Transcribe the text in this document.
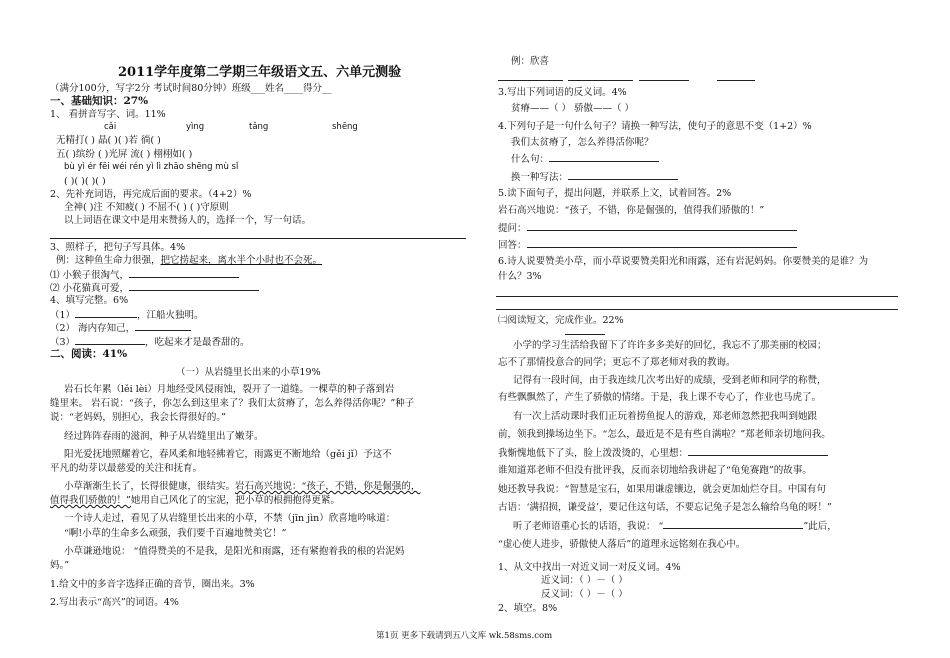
2011学年度第二学期三年级语文五、六单元测验
（满分100分，写字2分 考试时间80分钟）班级___姓名____得分__
一、基础知识：27%
1、 看拼音写字、词。11%
cǎi	yìng	tǎng	shēng
无精打( ) 晶( )( )若 徜( )
五( )缤纷 ( )光屏 流( ) 栩栩如( )
bù yì ér fēi wéi rén yì lì zhāo shēng mù sǐ
( )( )( )( )
2、先补充词语，再完成后面的要求。（4+2）%
全神( )注 不知疲( ) 不屈不( ) ( )守原则
以上词语在课文中是用来赞扬人的，选择一个，写一句话。
3、照样子，把句子写具体。4%
例：这种鱼生命力很强，把它捞起来，离水半个小时也不会死。
⑴ 小猴子很淘气，
⑵ 小花猫真可爱，
4、填写完整。6%
（1）	，江船火独明。
（2） 海内存知己，
（3）	，吃起来才是最香甜的。
二、阅读：41%
（一）从岩缝里长出来的小草19%
岩石长年累（lěi lèi）月地经受风侵雨蚀，裂开了一道缝。一棵草的种子落到岩
缝里来。 岩石说：“孩子，你怎么到这里来了？我们太贫瘠了，怎么养得活你呢？”种子
说：“老妈妈，别担心，我会长得很好的。”
经过阵阵春雨的滋润，种子从岩缝里出了嫩芽。
阳光爱抚地照耀着它，春风柔和地轻拂着它，雨露更不断地给（gěi jǐ）予这不
平凡的幼芽以最慈爱的关注和抚育。
小草渐渐生长了，长得很健康，很结实。岩石高兴地说：“孩子，不错，你是倔强的，
值得我们骄傲的！”她用自己风化了的宝泥，把小草的根拥抱得更紧。
一个诗人走过，看见了从岩缝里长出来的小草，不禁（jīn jìn）欣喜地吟咏道：
“啊!小草的生命多么顽强，我们要千百遍地赞美它！”
小草谦逊地说： “值得赞美的不是我，是阳光和雨露，还有紧抱着我的根的岩泥妈
妈。”
1.给文中的多音字选择正确的音节，圈出来。3%
2.写出表示“高兴”的词语。4%
例：欣喜
3.写出下列词语的反义词。4%
贫瘠——（ ） 骄傲——（ ）
4.下列句子是一句什么句子？请换一种写法，使句子的意思不变（1+2）%
我们太贫瘠了，怎么养得活你呢？
什么句：
换一种写法：
5.读下面句子，提出问题，并联系上文，试着回答。2%
岩石高兴地说：“孩子，不错，你是倔强的，值得我们骄傲的！”
提问：
回答：
6.诗人说要赞美小草，而小草说要赞美阳光和雨露，还有岩泥妈妈。你要赞美的是谁？为
什么？3%
㈡阅读短文，完成作业。22%
小学的学习生活给我留下了许许多多美好的回忆，我忘不了那美丽的校园；
忘不了那情投意合的同学；更忘不了郑老师对我的教诲。
记得有一段时间，由于我连续几次考出好的成绩，受到老师和同学的称赞，
有些飘飘然了，产生了骄傲的情绪。于是，我上课不专心了，作业也马虎了。
有一次上活动课时我们正玩着捞鱼捉人的游戏，郑老师忽然把我叫到她跟
前，领我到操场边坐下。“怎么，最近是不是有些自满啦？”郑老师亲切地问我。
我惭愧地低下了头，脸上泼泼烫的，心里想：
谁知道郑老师不但没有批评我，反而亲切地给我讲起了“龟兔赛跑”的故事。
她还教导我说：“智慧是宝石，如果用谦虚镶边，就会更加灿烂夺目。中国有句
古语：‘满招损，谦受益’，要记住这句话，不要忘记兔子是怎么输给乌龟的呀！”
听了老师语重心长的话语，我说： “	”此后，
“虚心使人进步，骄傲使人落后”的道理永远铭刻在我心中。
1、从文中找出一对近义词一对反义词。4%
近义词：（ ）－（ ）
反义词：（ ）－（ ）
2、填空。8%
第1页 更多下载请到五八文库 wk.58sms.com
